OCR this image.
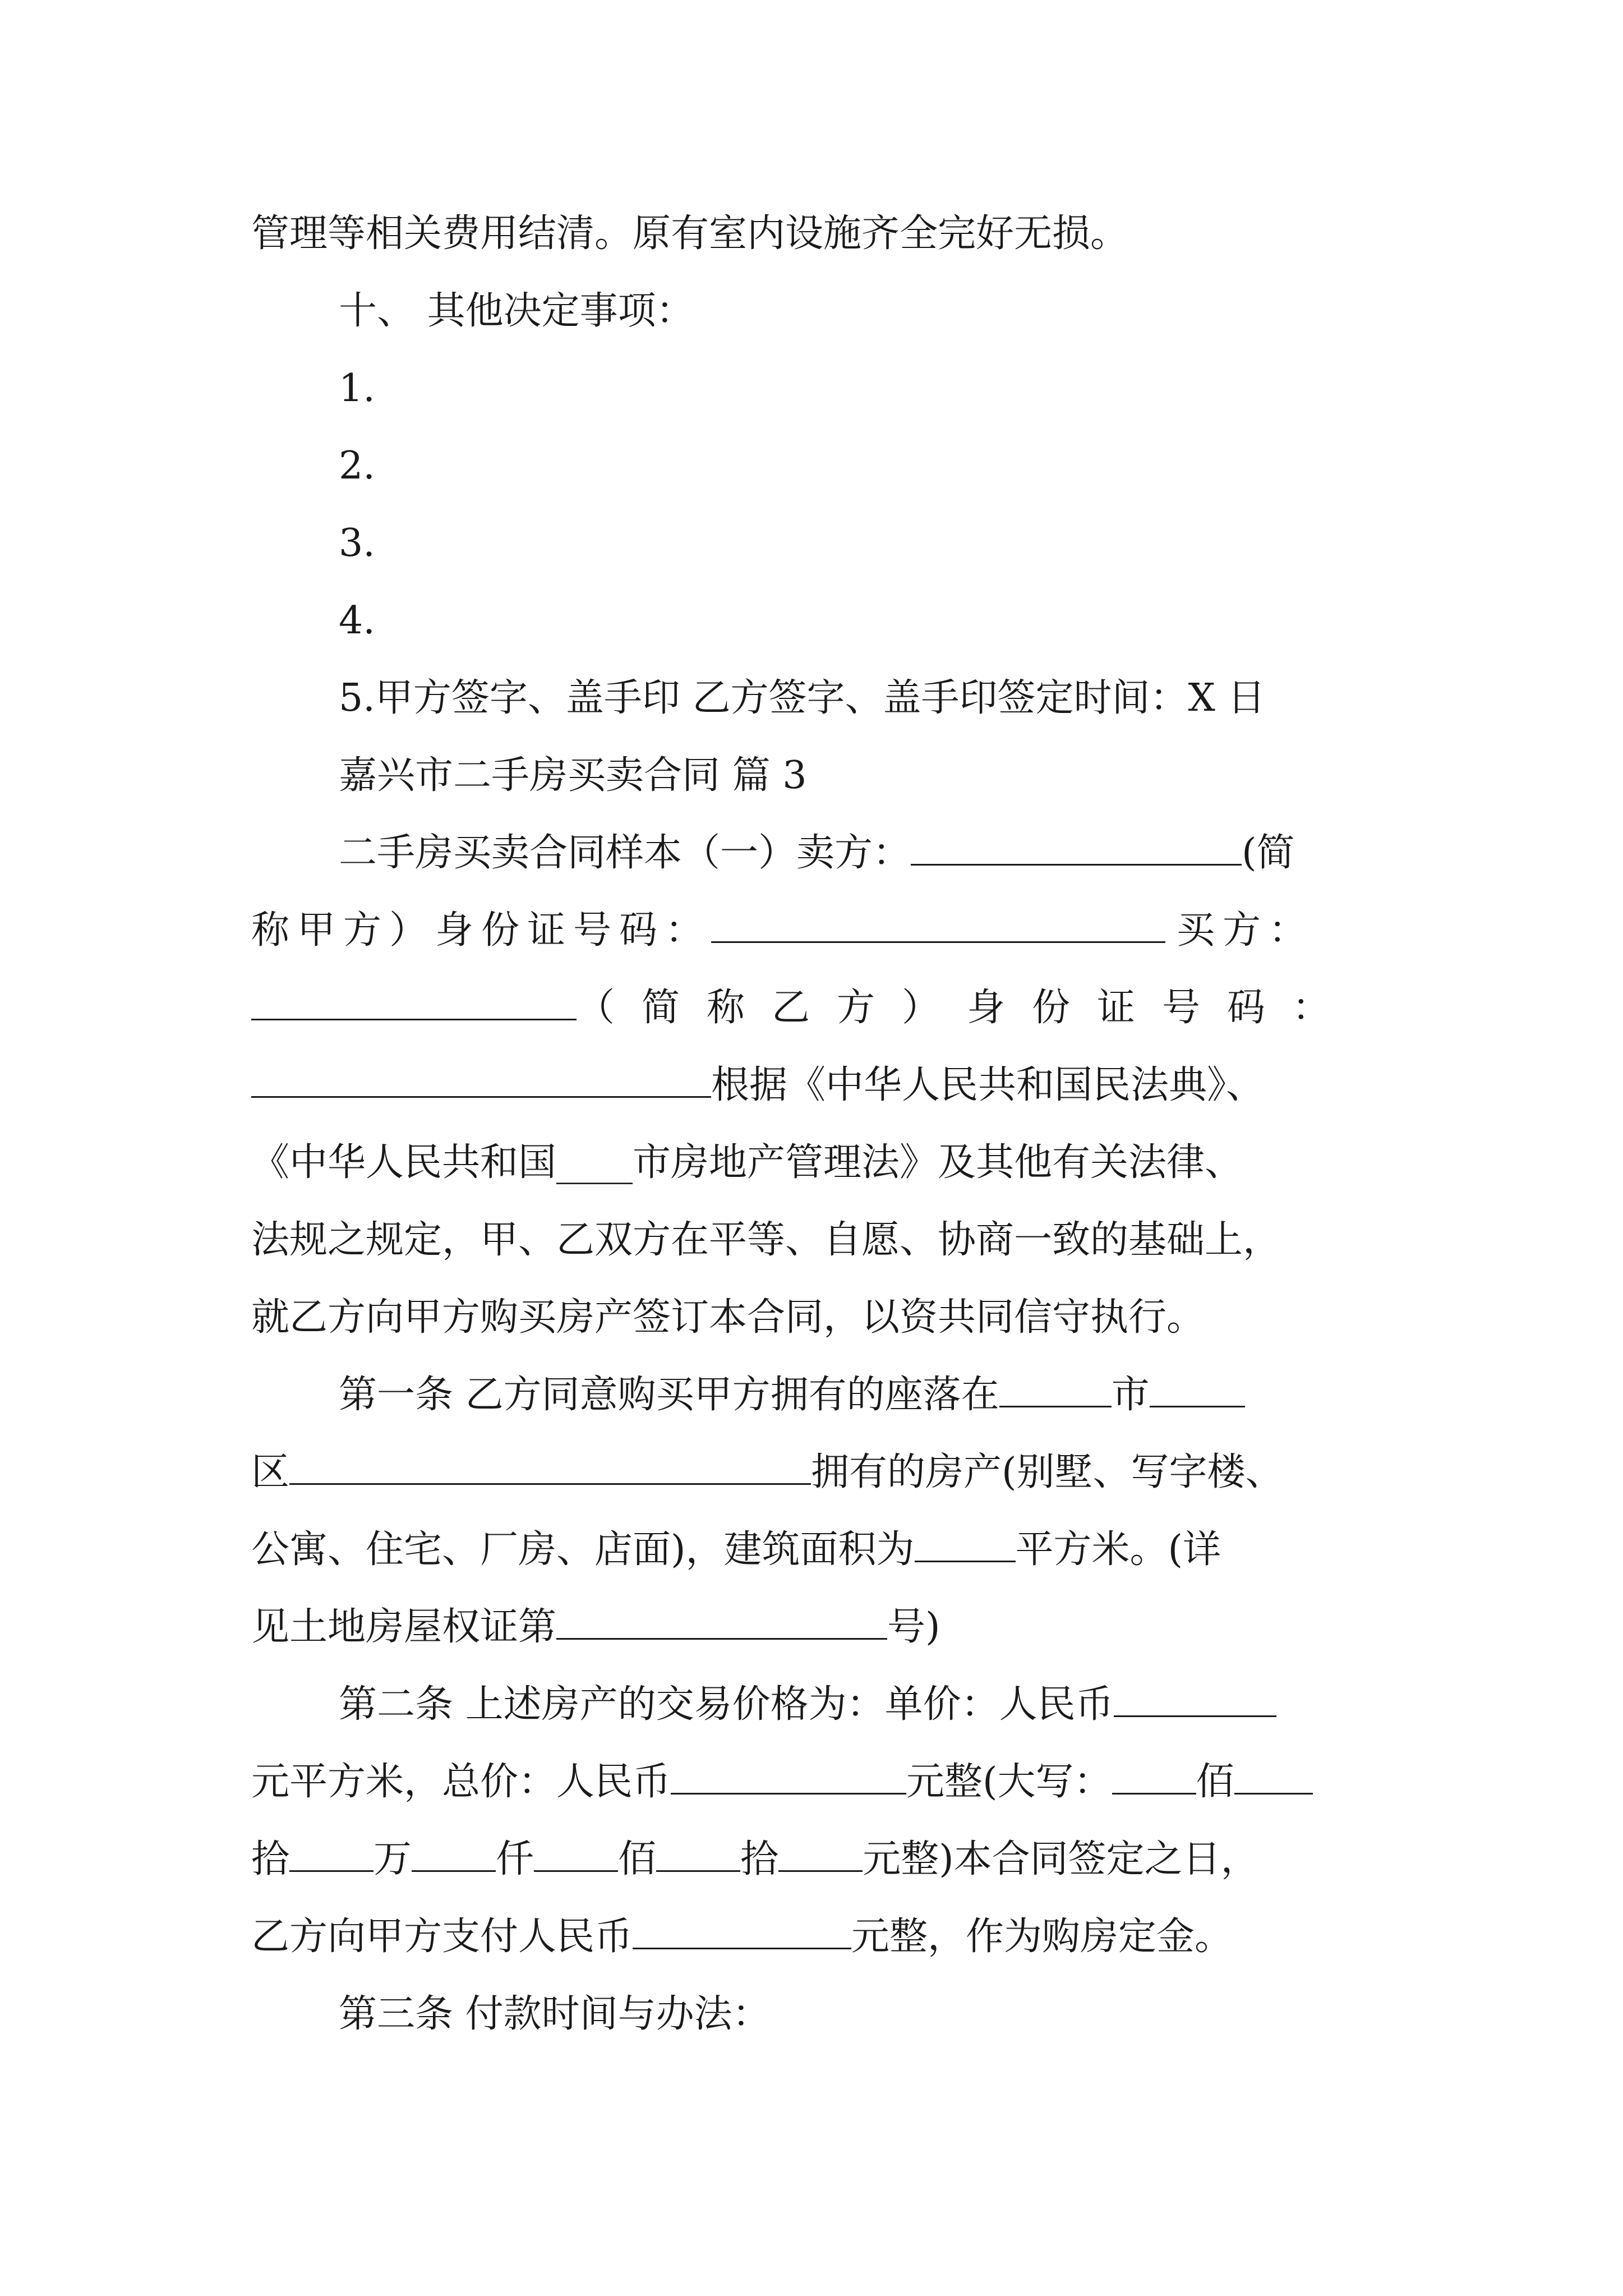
管理等相关费用结清。原有室内设施齐全完好无损。
十、 其他决定事项：
1.
2.
3.
4.
5.甲方签字、盖手印 乙方签字、盖手印签定时间：X 日
嘉兴市二手房买卖合同 篇 3
二手房买卖合同样本（一）卖方：	(简
称甲方）身份证号码：	买方：
（简称乙方）身份证号码：
根据《中华人民共和国民法典》、
《中华人民共和国____市房地产管理法》及其他有关法律、
法规之规定，甲、乙双方在平等、自愿、协商一致的基础上，
就乙方向甲方购买房产签订本合同，以资共同信守执行。
第一条 乙方同意购买甲方拥有的座落在	市
区	拥有的房产(别墅、写字楼、
公寓、住宅、厂房、店面)，建筑面积为	平方米。(详
见土地房屋权证第	号)
第二条 上述房产的交易价格为：单价：人民币
元平方米，总价：人民币	元整(大写： 佰
拾 万 仟 佰 拾 元整)本合同签定之日，
乙方向甲方支付人民币	元整，作为购房定金。
第三条 付款时间与办法：
